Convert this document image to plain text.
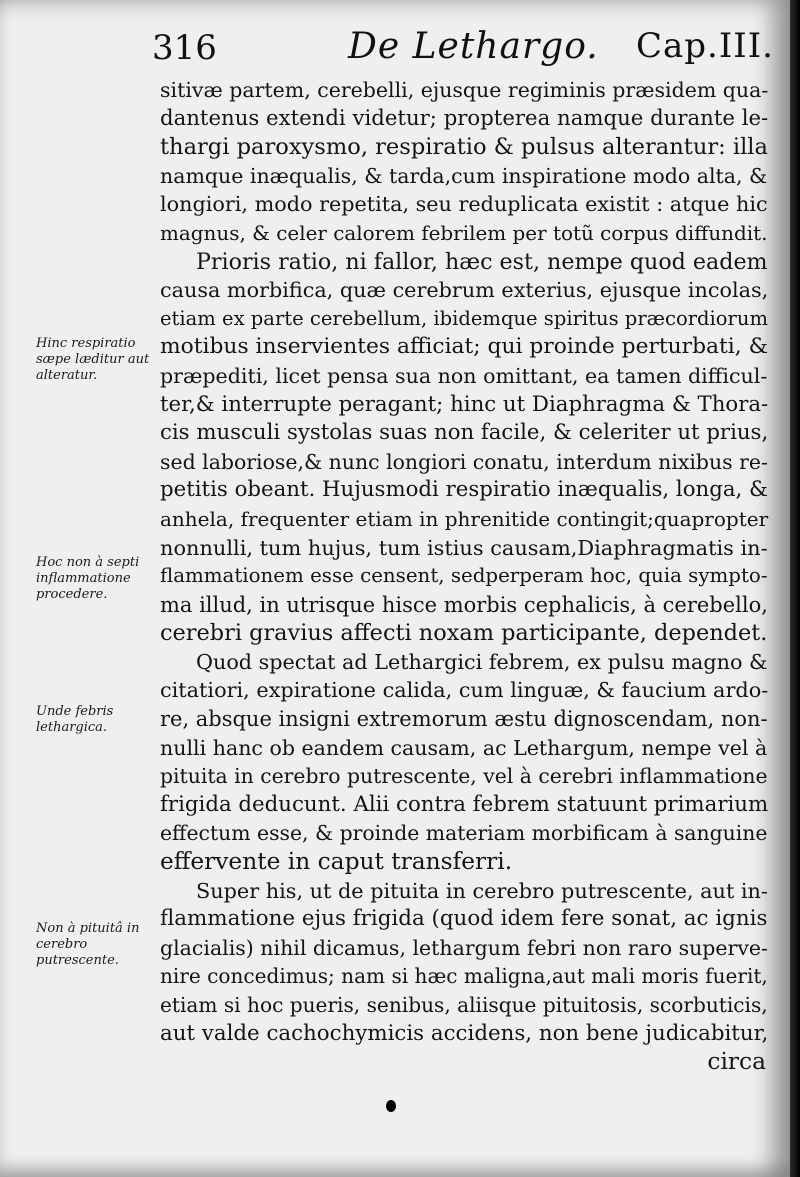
316	De Lethargo. Cap.III.
sitivæ partem, cerebelli, ejusque regiminis præsidem qua-
dantenus extendi videtur; propterea namque durante le-
thargi paroxysmo, respiratio & pulsus alterantur: illa
namque inæqualis, & tarda,cum inspiratione modo alta, &
longiori, modo repetita, seu reduplicata existit : atque hic
magnus, & celer calorem febrilem per totũ corpus diffundit.
Prioris ratio, ni fallor, hæc est, nempe quod eadem
causa morbifica, quæ cerebrum exterius, ejusque incolas,
etiam ex parte cerebellum, ibidemque spiritus præcordiorum
motibus inservientes afficiat; qui proinde perturbati, &
præpediti, licet pensa sua non omittant, ea tamen difficul-
ter,& interrupte peragant; hinc ut Diaphragma & Thora-
cis musculi systolas suas non facile, & celeriter ut prius,
sed laboriose,& nunc longiori conatu, interdum nixibus re-
petitis obeant. Hujusmodi respiratio inæqualis, longa, &
anhela, frequenter etiam in phrenitide contingit;quapropter
nonnulli, tum hujus, tum istius causam,Diaphragmatis in-
flammationem esse censent, sedperperam hoc, quia sympto-
ma illud, in utrisque hisce morbis cephalicis, à cerebello,
cerebri gravius affecti noxam participante, dependet.
Quod spectat ad Lethargici febrem, ex pulsu magno &
citatiori, expiratione calida, cum linguæ, & faucium ardo-
re, absque insigni extremorum æstu dignoscendam, non-
nulli hanc ob eandem causam, ac Lethargum, nempe vel à
pituita in cerebro putrescente, vel à cerebri inflammatione
frigida deducunt. Alii contra febrem statuunt primarium
effectum esse, & proinde materiam morbificam à sanguine
effervente in caput transferri.
Super his, ut de pituita in cerebro putrescente, aut in-
flammatione ejus frigida (quod idem fere sonat, ac ignis
glacialis) nihil dicamus, lethargum febri non raro superve-
nire concedimus; nam si hæc maligna,aut mali moris fuerit,
etiam si hoc pueris, senibus, aliisque pituitosis, scorbuticis,
aut valde cachochymicis accidens, non bene judicabitur,
circa
Hinc respiratio sæpe læditur aut alteratur.
Hoc non à septi inflammatione procedere.
Unde febris lethargica.
Non à pituitâ in cerebro putrescente.
